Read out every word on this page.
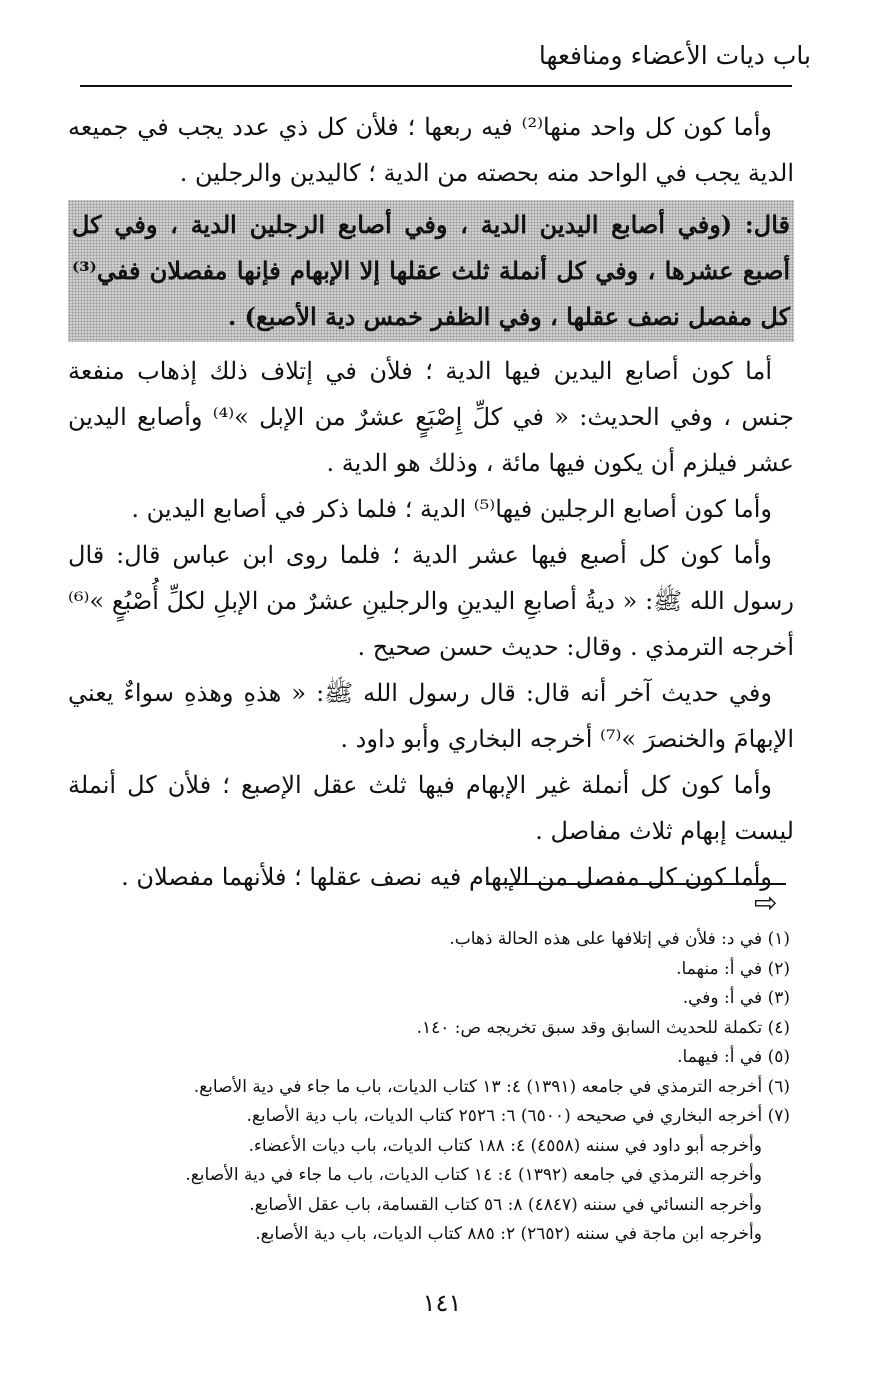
باب ديات الأعضاء ومنافعها

وأما كون كل واحد منها⁽²⁾ فيه ربعها ؛ فلأن كل ذي عدد يجب في جميعه الدية يجب في الواحد منه بحصته من الدية ؛ كاليدين والرجلين .

قال: (وفي أصابع اليدين الدية ، وفي أصابع الرجلين الدية ، وفي كل أصبع عشرها ، وفي كل أنملة ثلث عقلها إلا الإبهام فإنها مفصلان ففي⁽³⁾ كل مفصل نصف عقلها ، وفي الظفر خمس دية الأصبع) .

أما كون أصابع اليدين فيها الدية ؛ فلأن في إتلاف ذلك إذهاب منفعة جنس ، وفي الحديث: « في كلِّ إِصْبَعٍ عشرٌ من الإبل »⁽⁴⁾ وأصابع اليدين عشر فيلزم أن يكون فيها مائة ، وذلك هو الدية .

وأما كون أصابع الرجلين فيها⁽⁵⁾ الدية ؛ فلما ذكر في أصابع اليدين .

وأما كون كل أصبع فيها عشر الدية ؛ فلما روى ابن عباس قال: قال رسول الله ﷺ: « ديةُ أصابعِ اليدينِ والرجلينِ عشرٌ من الإبلِ لكلِّ أُصْبُعٍ »⁽⁶⁾ أخرجه الترمذي . وقال: حديث حسن صحيح .

وفي حديث آخر أنه قال: قال رسول الله ﷺ: « هذهِ وهذهِ سواءٌ يعني الإبهامَ والخنصرَ »⁽⁷⁾ أخرجه البخاري وأبو داود .

وأما كون كل أنملة غير الإبهام فيها ثلث عقل الإصبع ؛ فلأن كل أنملة ليست إبهام ثلاث مفاصل .

وأما كون كل مفصل من الإبهام فيه نصف عقلها ؛ فلأنهما مفصلان .

⇨

(١) في د: فلأن في إتلافها على هذه الحالة ذهاب.

(٢) في أ: منهما.

(٣) في أ: وفي.

(٤) تكملة للحديث السابق وقد سبق تخريجه ص: ١٤٠.

(٥) في أ: فيهما.

(٦) أخرجه الترمذي في جامعه (١٣٩١) ٤: ١٣ كتاب الديات، باب ما جاء في دية الأصابع.

(٧) أخرجه البخاري في صحيحه (٦٥٠٠) ٦: ٢٥٢٦ كتاب الديات، باب دية الأصابع.

وأخرجه أبو داود في سننه (٤٥٥٨) ٤: ١٨٨ كتاب الديات، باب ديات الأعضاء.

وأخرجه الترمذي في جامعه (١٣٩٢) ٤: ١٤ كتاب الديات، باب ما جاء في دية الأصابع.

وأخرجه النسائي في سننه (٤٨٤٧) ٨: ٥٦ كتاب القسامة، باب عقل الأصابع.

وأخرجه ابن ماجة في سننه (٢٦٥٢) ٢: ٨٨٥ كتاب الديات، باب دية الأصابع.

١٤١
